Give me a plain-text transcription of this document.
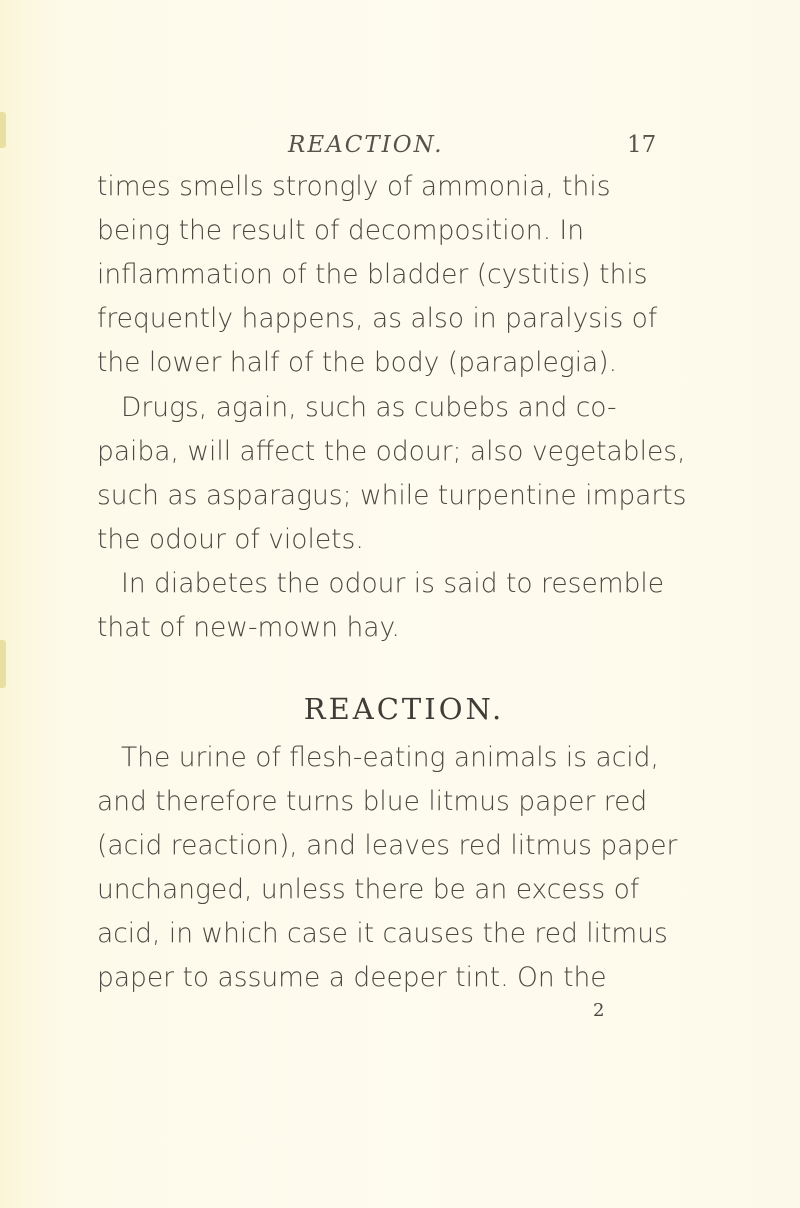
REACTION.	17
times smells strongly of ammonia, this
being the result of decomposition. In
inflammation of the bladder (cystitis) this
frequently happens, as also in paralysis of
the lower half of the body (paraplegia).
Drugs, again, such as cubebs and co-
paiba, will affect the odour; also vegetables,
such as asparagus; while turpentine imparts
the odour of violets.
In diabetes the odour is said to resemble
that of new-mown hay.
REACTION.
The urine of flesh-eating animals is acid,
and therefore turns blue litmus paper red
(acid reaction), and leaves red litmus paper
unchanged, unless there be an excess of
acid, in which case it causes the red litmus
paper to assume a deeper tint. On the
2
